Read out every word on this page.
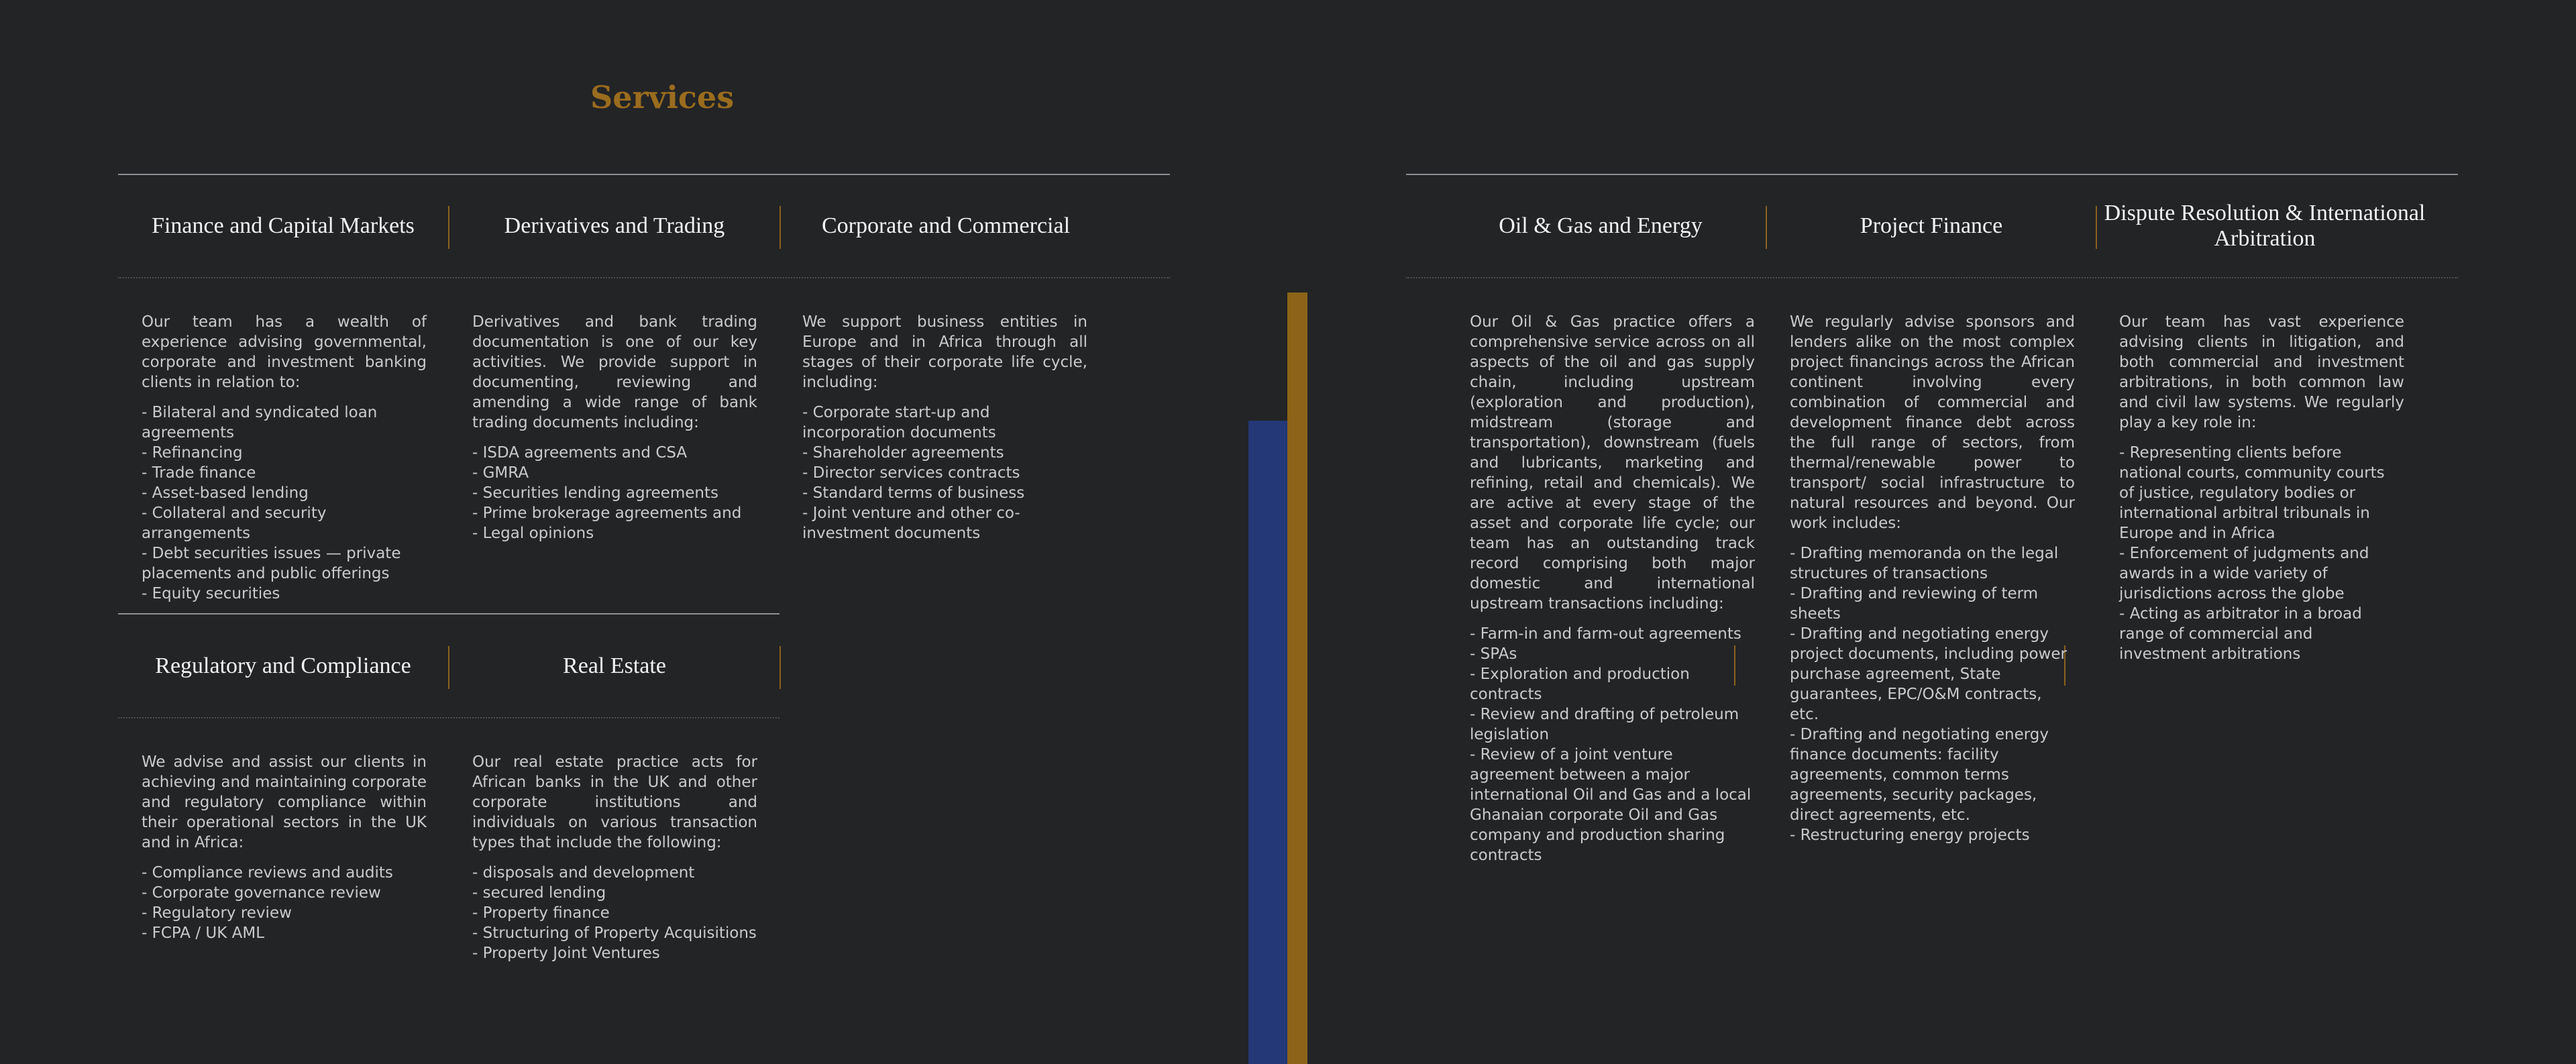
Services
Finance and Capital Markets	Derivatives and Trading	Corporate and Commercial

Our team has a wealth of experience advising governmental, corporate and investment banking clients in relation to:

- Bilateral and syndicated loan agreements
- Refinancing
- Trade finance
- Asset-based lending
- Collateral and security arrangements
- Debt securities issues — private placements and public offerings
- Equity securities

Derivatives and bank trading documentation is one of our key activities. We provide support in documenting, reviewing and amending a wide range of bank trading documents including:

- ISDA agreements and CSA
- GMRA
- Securities lending agreements
- Prime brokerage agreements and
- Legal opinions

We support business entities in Europe and in Africa through all stages of their corporate life cycle, including:

- Corporate start-up and incorporation documents
- Shareholder agreements
- Director services contracts
- Standard terms of business
- Joint venture and other co-investment documents
Regulatory and Compliance	Real Estate

We advise and assist our clients in achieving and maintaining corporate and regulatory compliance within their operational sectors in the UK and in Africa:

- Compliance reviews and audits
- Corporate governance review
- Regulatory review
- FCPA / UK AML

Our real estate practice acts for African banks in the UK and other corporate institutions and individuals on various transaction types that include the following:

- disposals and development
- secured lending
- Property finance
- Structuring of Property Acquisitions
- Property Joint Ventures
Oil & Gas and Energy	Project Finance
Dispute Resolution & International Arbitration

Our Oil & Gas practice offers a comprehensive service across on all aspects of the oil and gas supply chain, including upstream (exploration and production), midstream (storage and transportation), downstream (fuels and lubricants, marketing and refining, retail and chemicals). We are active at every stage of the asset and corporate life cycle; our team has an outstanding track record comprising both major domestic and international upstream transactions including:

- Farm-in and farm-out agreements
- SPAs
- Exploration and production contracts
- Review and drafting of petroleum legislation
- Review of a joint venture agreement between a major international Oil and Gas and a local Ghanaian corporate Oil and Gas company and production sharing contracts

We regularly advise sponsors and lenders alike on the most complex project financings across the African continent involving every combination of commercial and development finance debt across the full range of sectors, from thermal/renewable power to transport/ social infrastructure to natural resources and beyond. Our work includes:

- Drafting memoranda on the legal structures of transactions
- Drafting and reviewing of term sheets
- Drafting and negotiating energy project documents, including power purchase agreement, State guarantees, EPC/O&M contracts, etc.
- Drafting and negotiating energy finance documents: facility agreements, common terms agreements, security packages, direct agreements, etc.
- Restructuring energy projects

Our team has vast experience advising clients in litigation, and both commercial and investment arbitrations, in both common law and civil law systems. We regularly play a key role in:

- Representing clients before national courts, community courts of justice, regulatory bodies or international arbitral tribunals in Europe and in Africa
- Enforcement of judgments and awards in a wide variety of jurisdictions across the globe
- Acting as arbitrator in a broad range of commercial and investment arbitrations
